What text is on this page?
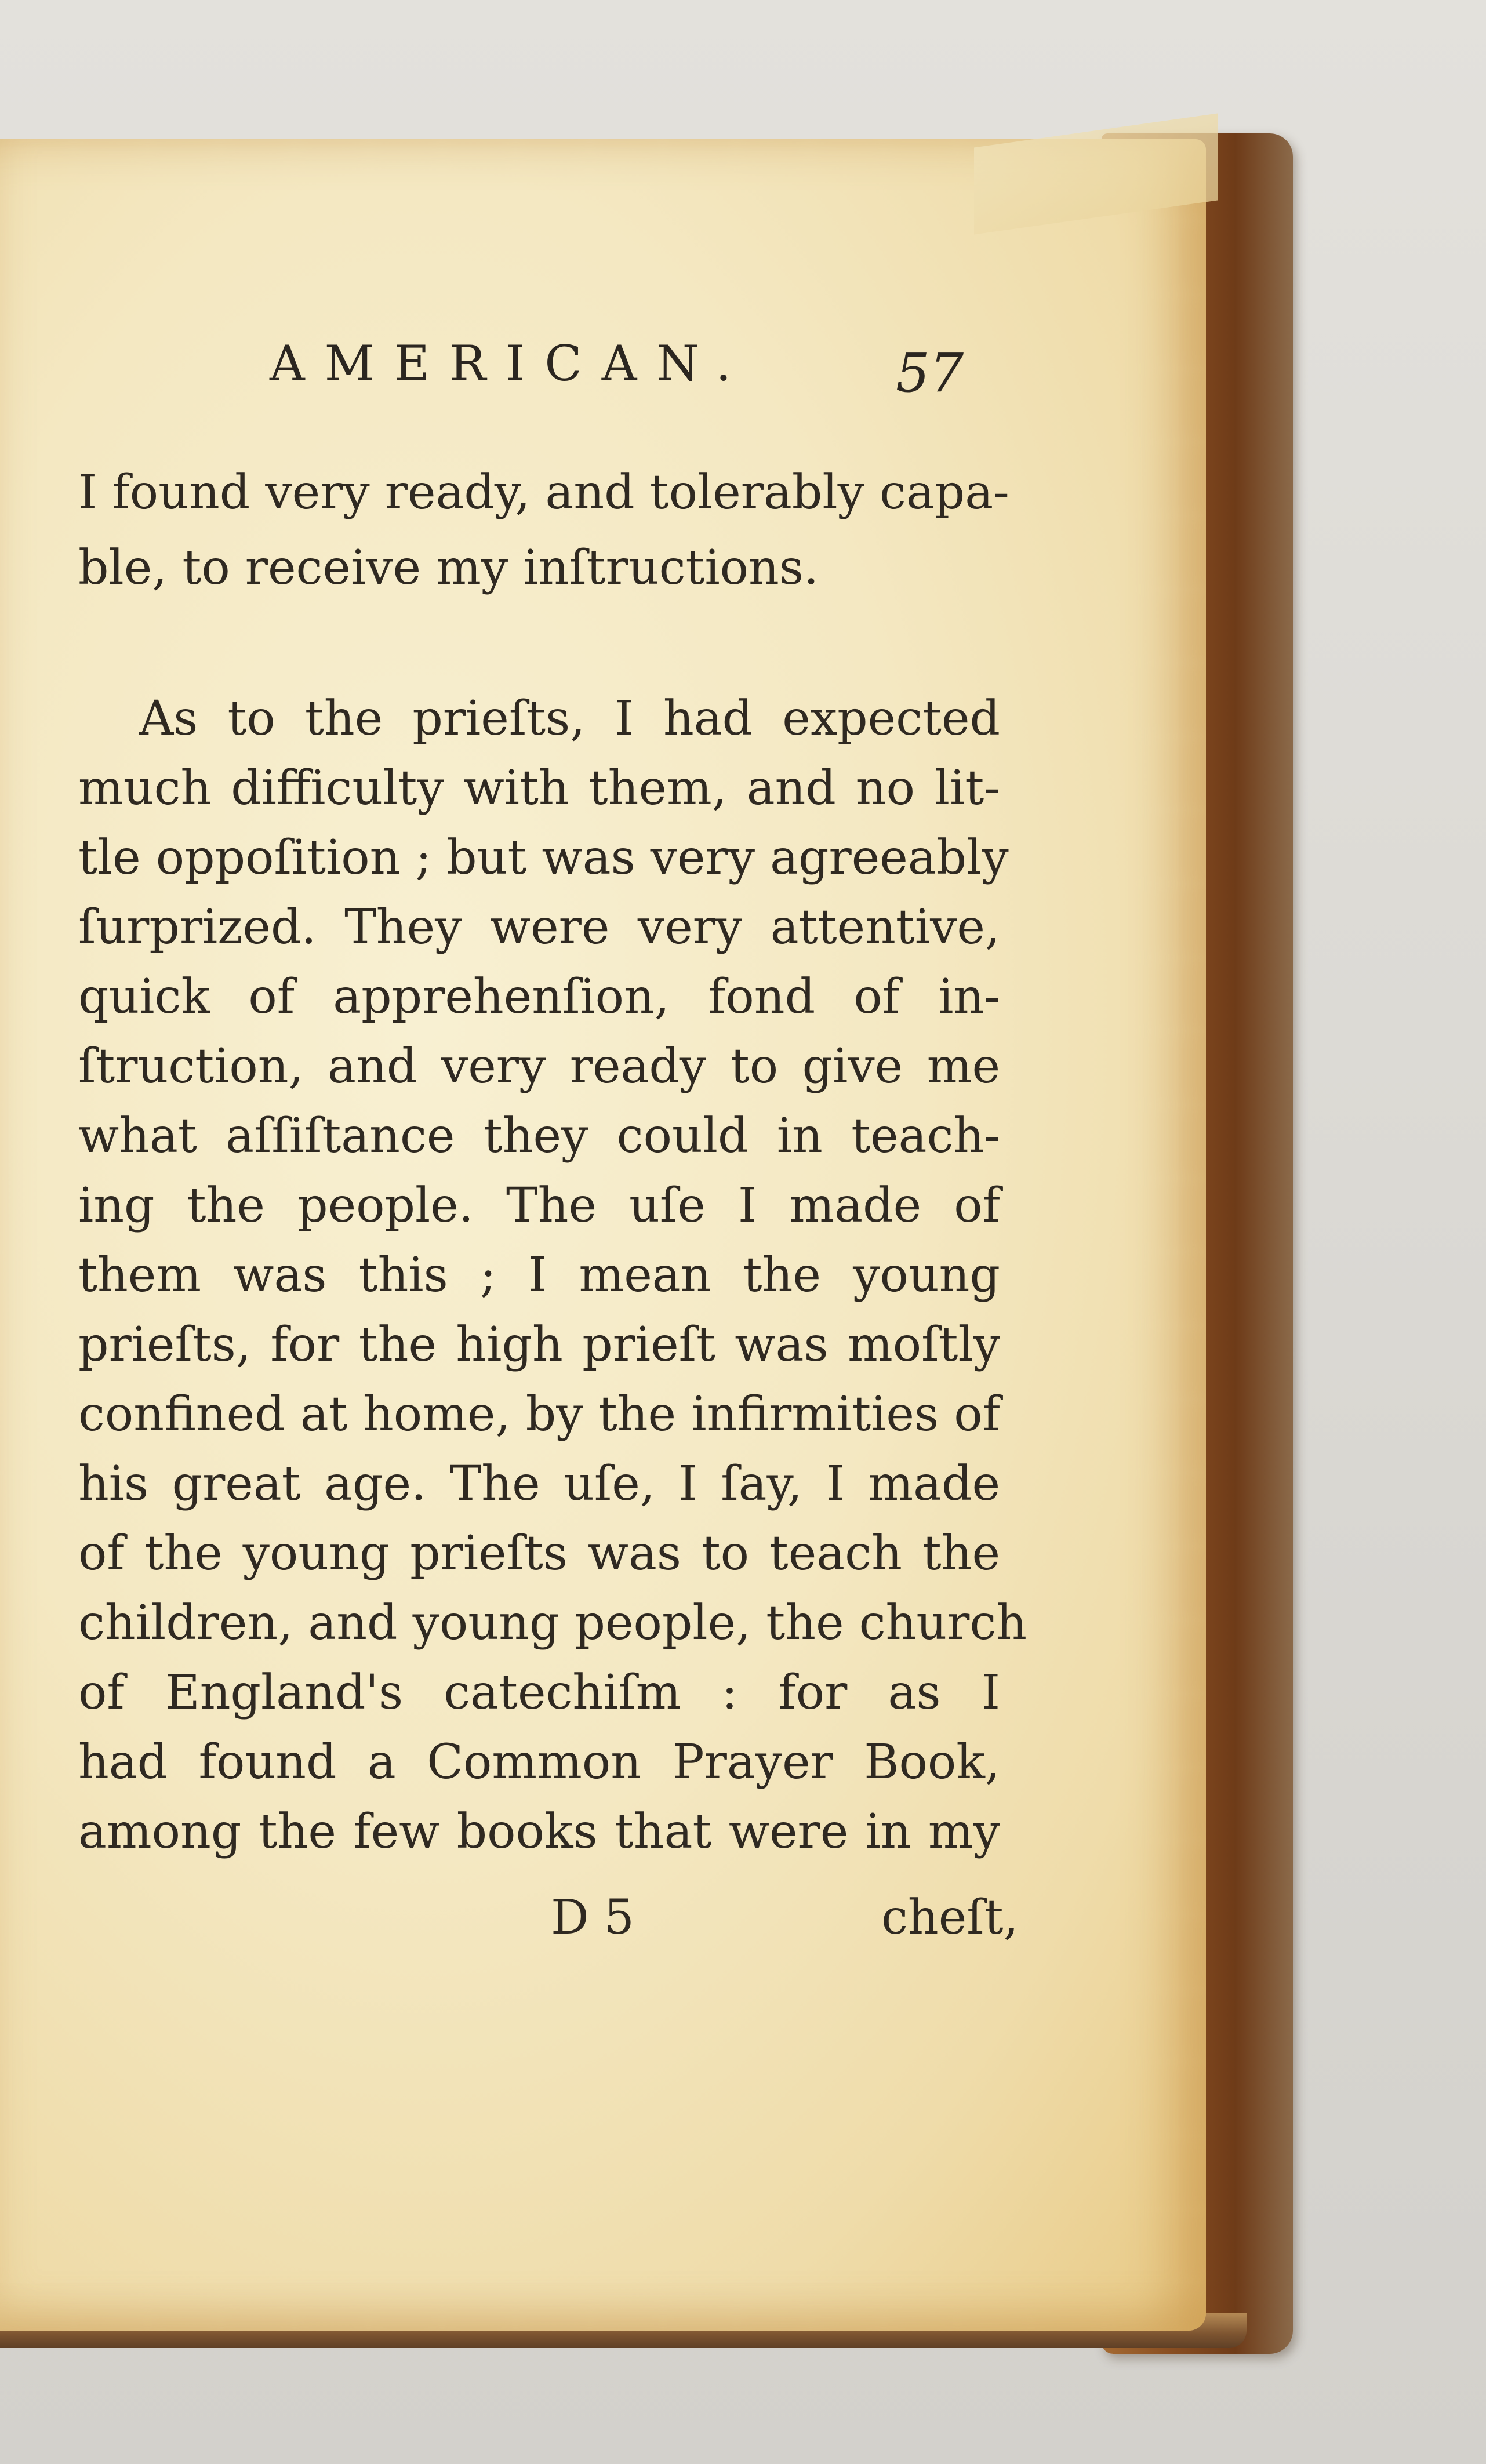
AMERICAN.	57
I found very ready, and tolerably capa-
ble, to receive my inſtructions.
As to the prieſts, I had expected
much difficulty with them, and no lit-
tle oppoſition ; but was very agreeably
ſurprized. They were very attentive,
quick of apprehenſion, fond of in-
ſtruction, and very ready to give me
what aſſiſtance they could in teach-
ing the people. The uſe I made of
them was this ; I mean the young
prieſts, for the high prieſt was moſtly
confined at home, by the infirmities of
his great age. The uſe, I ſay, I made
of the young prieſts was to teach the
children, and young people, the church
of England's catechiſm : for as I
had found a Common Prayer Book,
among the few books that were in my
D 5	cheſt,
